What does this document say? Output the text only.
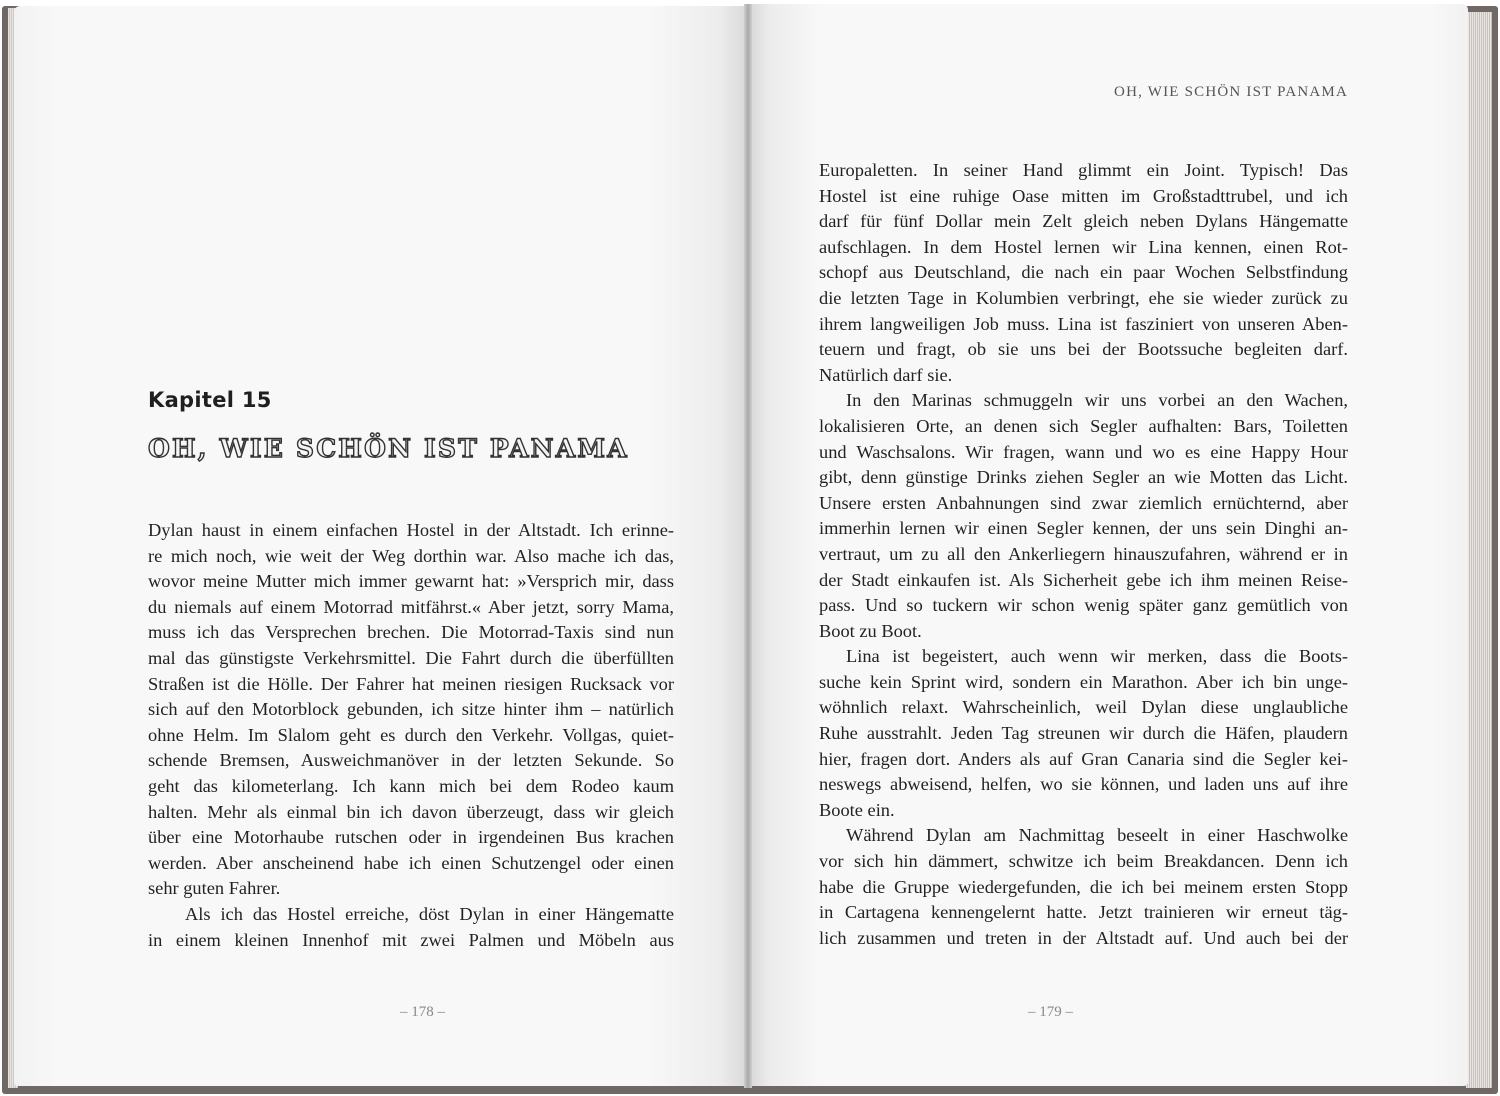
Kapitel 15
OH, WIE SCHÖN IST PANAMA
Dylan haust in einem einfachen Hostel in der Altstadt. Ich erinne-
re mich noch, wie weit der Weg dorthin war. Also mache ich das,
wovor meine Mutter mich immer gewarnt hat: »Versprich mir, dass
du niemals auf einem Motorrad mitfährst.« Aber jetzt, sorry Mama,
muss ich das Versprechen brechen. Die Motorrad-Taxis sind nun
mal das günstigste Verkehrsmittel. Die Fahrt durch die überfüllten
Straßen ist die Hölle. Der Fahrer hat meinen riesigen Rucksack vor
sich auf den Motorblock gebunden, ich sitze hinter ihm – natürlich
ohne Helm. Im Slalom geht es durch den Verkehr. Vollgas, quiet-
schende Bremsen, Ausweichmanöver in der letzten Sekunde. So
geht das kilometerlang. Ich kann mich bei dem Rodeo kaum
halten. Mehr als einmal bin ich davon überzeugt, dass wir gleich
über eine Motorhaube rutschen oder in irgendeinen Bus krachen
werden. Aber anscheinend habe ich einen Schutzengel oder einen
sehr guten Fahrer.
Als ich das Hostel erreiche, döst Dylan in einer Hängematte
in einem kleinen Innenhof mit zwei Palmen und Möbeln aus
– 178 –
OH, WIE SCHÖN IST PANAMA
Europaletten. In seiner Hand glimmt ein Joint. Typisch! Das
Hostel ist eine ruhige Oase mitten im Großstadttrubel, und ich
darf für fünf Dollar mein Zelt gleich neben Dylans Hängematte
aufschlagen. In dem Hostel lernen wir Lina kennen, einen Rot-
schopf aus Deutschland, die nach ein paar Wochen Selbstfindung
die letzten Tage in Kolumbien verbringt, ehe sie wieder zurück zu
ihrem langweiligen Job muss. Lina ist fasziniert von unseren Aben-
teuern und fragt, ob sie uns bei der Bootssuche begleiten darf.
Natürlich darf sie.
In den Marinas schmuggeln wir uns vorbei an den Wachen,
lokalisieren Orte, an denen sich Segler aufhalten: Bars, Toiletten
und Waschsalons. Wir fragen, wann und wo es eine Happy Hour
gibt, denn günstige Drinks ziehen Segler an wie Motten das Licht.
Unsere ersten Anbahnungen sind zwar ziemlich ernüchternd, aber
immerhin lernen wir einen Segler kennen, der uns sein Dinghi an-
vertraut, um zu all den Ankerliegern hinauszufahren, während er in
der Stadt einkaufen ist. Als Sicherheit gebe ich ihm meinen Reise-
pass. Und so tuckern wir schon wenig später ganz gemütlich von
Boot zu Boot.
Lina ist begeistert, auch wenn wir merken, dass die Boots-
suche kein Sprint wird, sondern ein Marathon. Aber ich bin unge-
wöhnlich relaxt. Wahrscheinlich, weil Dylan diese unglaubliche
Ruhe ausstrahlt. Jeden Tag streunen wir durch die Häfen, plaudern
hier, fragen dort. Anders als auf Gran Canaria sind die Segler kei-
neswegs abweisend, helfen, wo sie können, und laden uns auf ihre
Boote ein.
Während Dylan am Nachmittag beseelt in einer Haschwolke
vor sich hin dämmert, schwitze ich beim Breakdancen. Denn ich
habe die Gruppe wiedergefunden, die ich bei meinem ersten Stopp
in Cartagena kennengelernt hatte. Jetzt trainieren wir erneut täg-
lich zusammen und treten in der Altstadt auf. Und auch bei der
– 179 –
